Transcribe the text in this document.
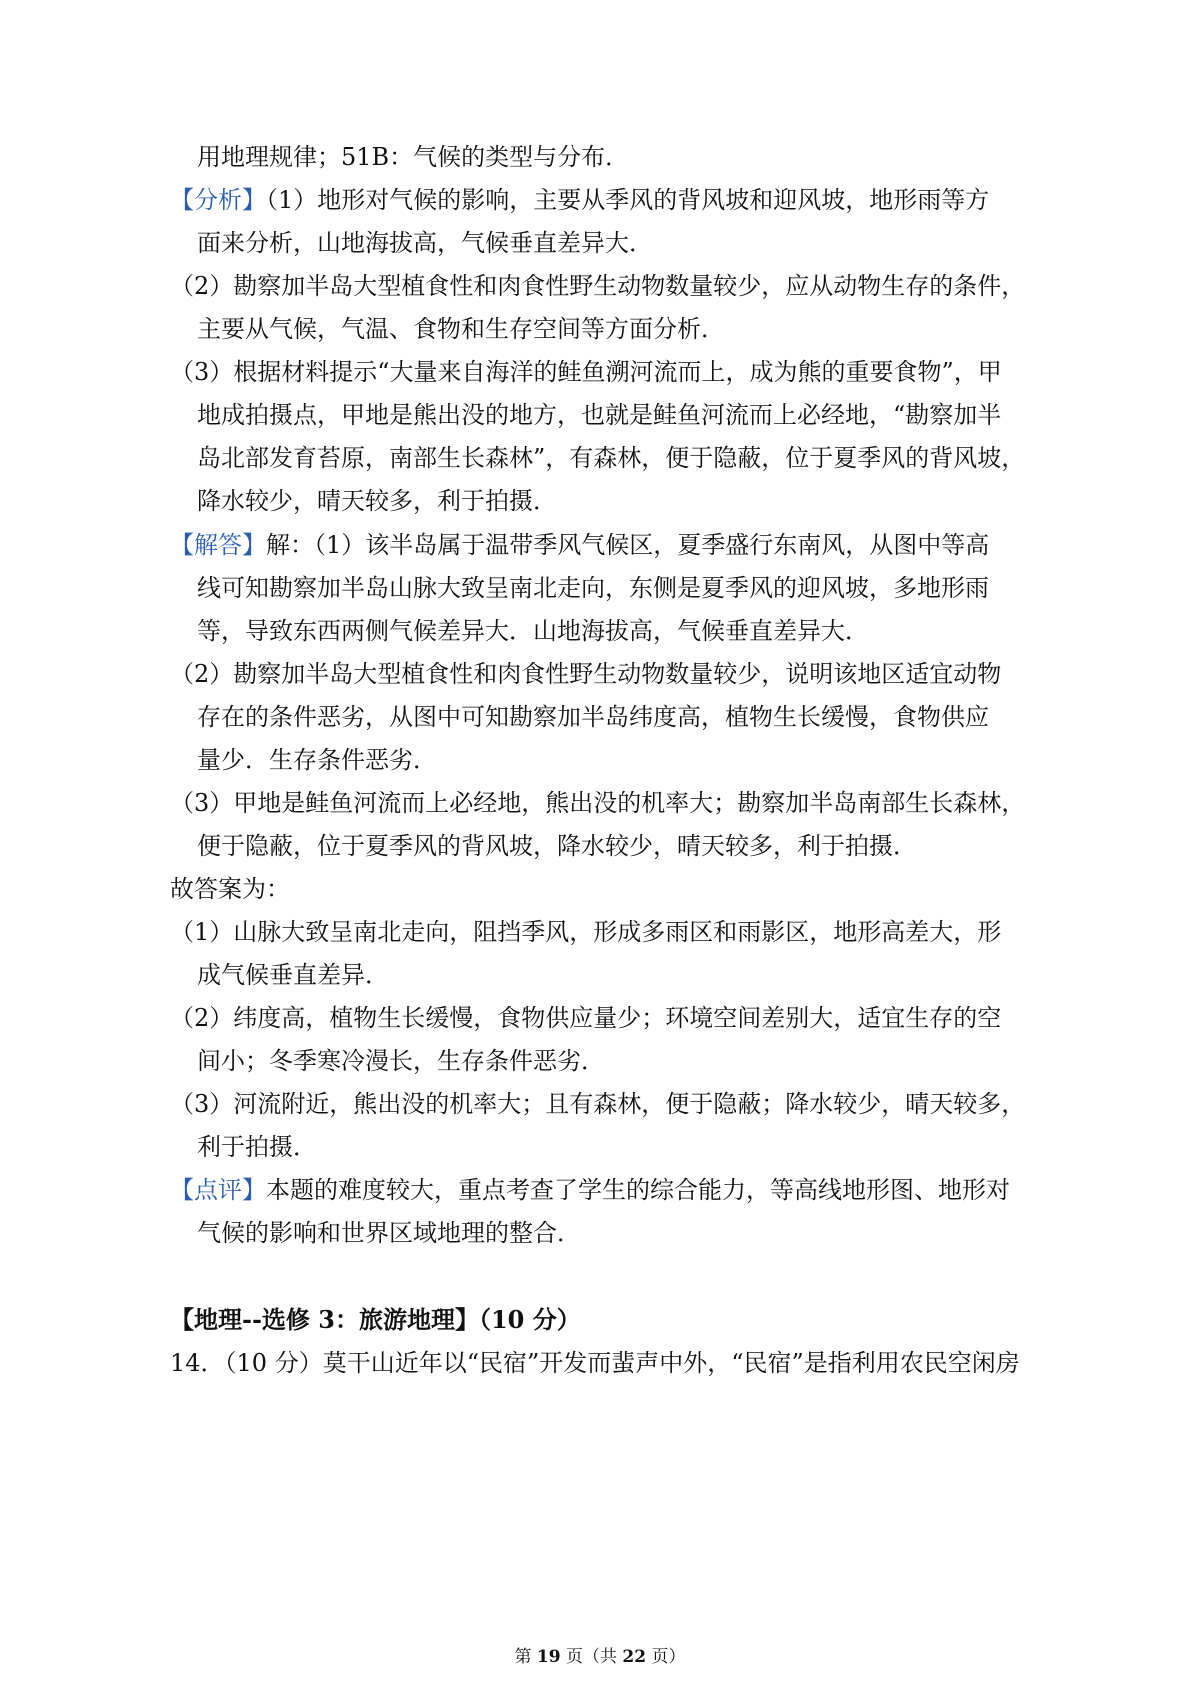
用地理规律；51B：气候的类型与分布．
【分析】（1）地形对气候的影响，主要从季风的背风坡和迎风坡，地形雨等方
面来分析，山地海拔高，气候垂直差异大．
（2）勘察加半岛大型植食性和肉食性野生动物数量较少，应从动物生存的条件，
主要从气候，气温、食物和生存空间等方面分析．
（3）根据材料提示“大量来自海洋的鲑鱼溯河流而上，成为熊的重要食物”，甲
地成拍摄点，甲地是熊出没的地方，也就是鲑鱼河流而上必经地，“勘察加半
岛北部发育苔原，南部生长森林”，有森林，便于隐蔽，位于夏季风的背风坡，
降水较少，晴天较多，利于拍摄．
【解答】解：（1）该半岛属于温带季风气候区，夏季盛行东南风，从图中等高
线可知勘察加半岛山脉大致呈南北走向，东侧是夏季风的迎风坡，多地形雨
等，导致东西两侧气候差异大．山地海拔高，气候垂直差异大．
（2）勘察加半岛大型植食性和肉食性野生动物数量较少，说明该地区适宜动物
存在的条件恶劣，从图中可知勘察加半岛纬度高，植物生长缓慢，食物供应
量少．生存条件恶劣．
（3）甲地是鲑鱼河流而上必经地，熊出没的机率大；勘察加半岛南部生长森林，
便于隐蔽，位于夏季风的背风坡，降水较少，晴天较多，利于拍摄．
故答案为：
（1）山脉大致呈南北走向，阻挡季风，形成多雨区和雨影区，地形高差大，形
成气候垂直差异．
（2）纬度高，植物生长缓慢，食物供应量少；环境空间差别大，适宜生存的空
间小；冬季寒冷漫长，生存条件恶劣．
（3）河流附近，熊出没的机率大；且有森林，便于隐蔽；降水较少，晴天较多，
利于拍摄．
【点评】本题的难度较大，重点考查了学生的综合能力，等高线地形图、地形对
气候的影响和世界区域地理的整合．
【地理--选修 3：旅游地理】（10 分）
14．（10 分）莫干山近年以“民宿”开发而蜚声中外，“民宿”是指利用农民空闲房
第 19 页（共 22 页）
